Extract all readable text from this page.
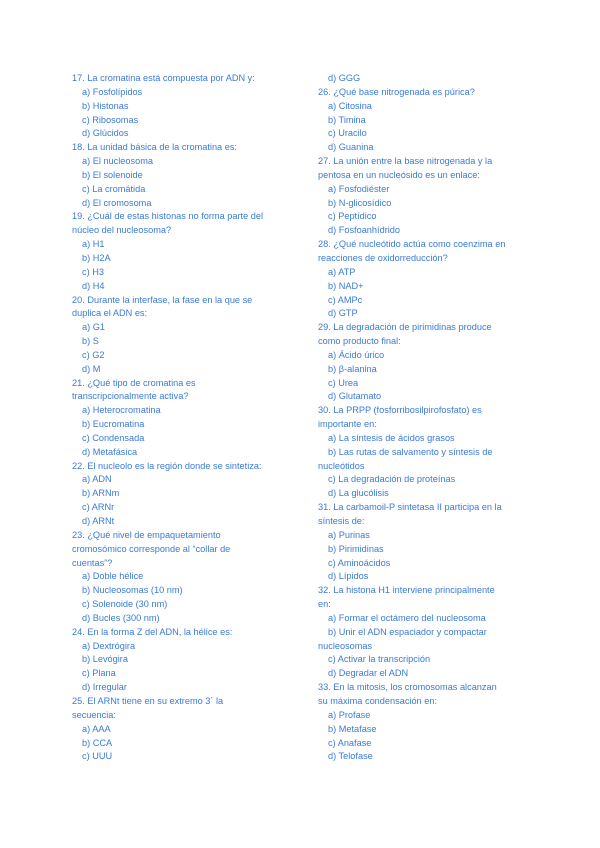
17. La cromatina está compuesta por ADN y:
a) Fosfolípidos
b) Histonas
c) Ribosomas
d) Glúcidos
18. La unidad básica de la cromatina es:
a) El nucleosoma
b) El solenoide
c) La cromátida
d) El cromosoma
19. ¿Cuál de estas histonas no forma parte del
núcleo del nucleosoma?
a) H1
b) H2A
c) H3
d) H4
20. Durante la interfase, la fase en la que se
duplica el ADN es:
a) G1
b) S
c) G2
d) M
21. ¿Qué tipo de cromatina es
transcripcionalmente activa?
a) Heterocromatina
b) Eucromatina
c) Condensada
d) Metafásica
22. El nucleolo es la región donde se sintetiza:
a) ADN
b) ARNm
c) ARNr
d) ARNt
23. ¿Qué nivel de empaquetamiento
cromosómico corresponde al “collar de
cuentas”?
a) Doble hélice
b) Nucleosomas (10 nm)
c) Solenoide (30 nm)
d) Bucles (300 nm)
24. En la forma Z del ADN, la hélice es:
a) Dextrógira
b) Levógira
c) Plana
d) Irregular
25. El ARNt tiene en su extremo 3´ la
secuencia:
a) AAA
b) CCA
c) UUU
d) GGG
26. ¿Qué base nitrogenada es púrica?
a) Citosina
b) Timina
c) Uracilo
d) Guanina
27. La unión entre la base nitrogenada y la
pentosa en un nucleósido es un enlace:
a) Fosfodiéster
b) N-glicosídico
c) Peptídico
d) Fosfoanhídrido
28. ¿Qué nucleótido actúa como coenzima en
reacciones de oxidorreducción?
a) ATP
b) NAD+
c) AMPc
d) GTP
29. La degradación de pirimidinas produce
como producto final:
a) Ácido úrico
b) β-alanina
c) Urea
d) Glutamato
30. La PRPP (fosforribosilpirofosfato) es
importante en:
a) La síntesis de ácidos grasos
b) Las rutas de salvamento y síntesis de
nucleótidos
c) La degradación de proteínas
d) La glucólisis
31. La carbamoil-P sintetasa II participa en la
síntesis de:
a) Purinas
b) Pirimidinas
c) Aminoácidos
d) Lípidos
32. La histona H1 interviene principalmente
en:
a) Formar el octámero del nucleosoma
b) Unir el ADN espaciador y compactar
nucleosomas
c) Activar la transcripción
d) Degradar el ADN
33. En la mitosis, los cromosomas alcanzan
su máxima condensación en:
a) Profase
b) Metafase
c) Anafase
d) Telofase
